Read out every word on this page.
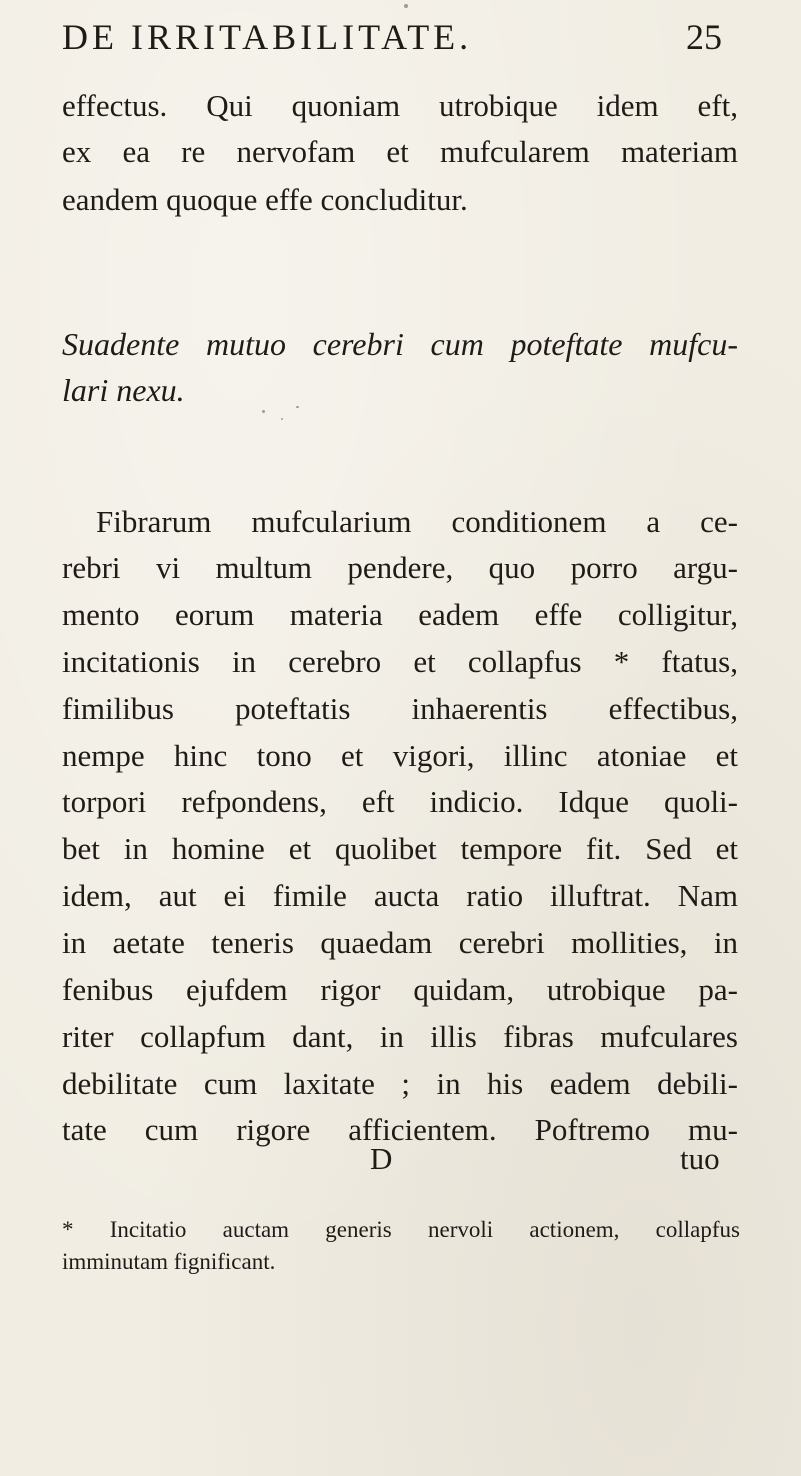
DE IRRITABILITATE.	25
effectus. Qui quoniam utrobique idem eft,
ex ea re nervofam et mufcularem materiam
eandem quoque effe concluditur.
Suadente mutuo cerebri cum poteftate mufcu-
lari nexu.
Fibrarum mufcularium conditionem a ce-
rebri vi multum pendere, quo porro argu-
mento eorum materia eadem effe colligitur,
incitationis in cerebro et collapfus * ftatus,
fimilibus poteftatis inhaerentis effectibus,
nempe hinc tono et vigori, illinc atoniae et
torpori refpondens, eft indicio. Idque quoli-
bet in homine et quolibet tempore fit. Sed et
idem, aut ei fimile aucta ratio illuftrat. Nam
in aetate teneris quaedam cerebri mollities, in
fenibus ejufdem rigor quidam, utrobique pa-
riter collapfum dant, in illis fibras mufculares
debilitate cum laxitate ; in his eadem debili-
tate cum rigore afficientem. Poftremo mu-
D	tuo
* Incitatio auctam generis nervoli actionem, collapfus
imminutam fignificant.
